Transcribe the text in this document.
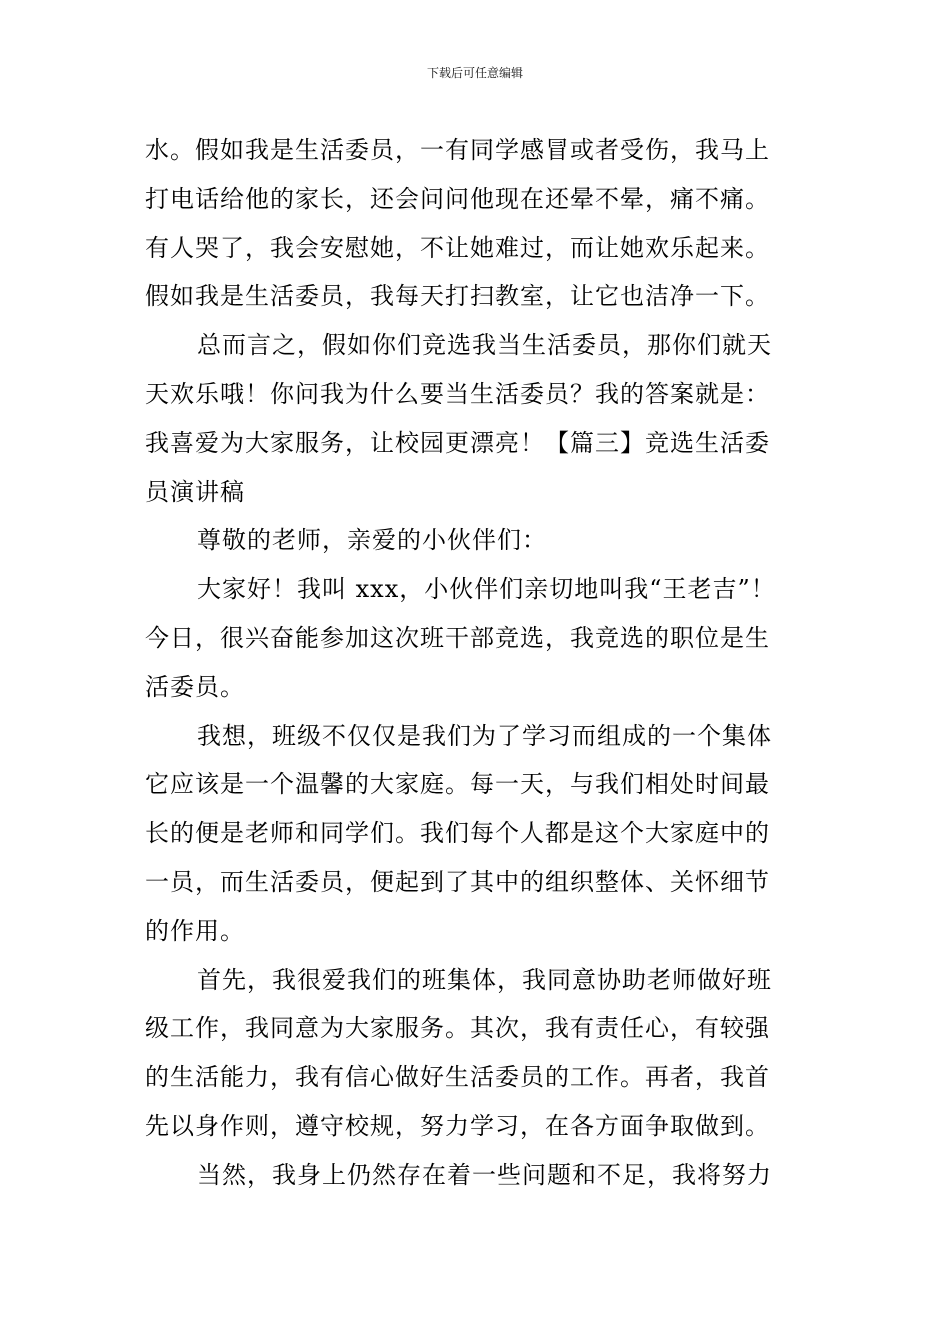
下载后可任意编辑
水。假如我是生活委员，一有同学感冒或者受伤，我马上
打电话给他的家长，还会问问他现在还晕不晕，痛不痛。
有人哭了，我会安慰她，不让她难过，而让她欢乐起来。
假如我是生活委员，我每天打扫教室，让它也洁净一下。
总而言之，假如你们竞选我当生活委员，那你们就天
天欢乐哦！你问我为什么要当生活委员？我的答案就是：
我喜爱为大家服务，让校园更漂亮！【篇三】竞选生活委
员演讲稿
尊敬的老师，亲爱的小伙伴们：
大家好！我叫 xxx，小伙伴们亲切地叫我“王老吉”！
今日，很兴奋能参加这次班干部竞选，我竞选的职位是生
活委员。
我想，班级不仅仅是我们为了学习而组成的一个集体
它应该是一个温馨的大家庭。每一天，与我们相处时间最
长的便是老师和同学们。我们每个人都是这个大家庭中的
一员，而生活委员，便起到了其中的组织整体、关怀细节
的作用。
首先，我很爱我们的班集体，我同意协助老师做好班
级工作，我同意为大家服务。其次，我有责任心，有较强
的生活能力，我有信心做好生活委员的工作。再者，我首
先以身作则，遵守校规，努力学习，在各方面争取做到。
当然，我身上仍然存在着一些问题和不足，我将努力
